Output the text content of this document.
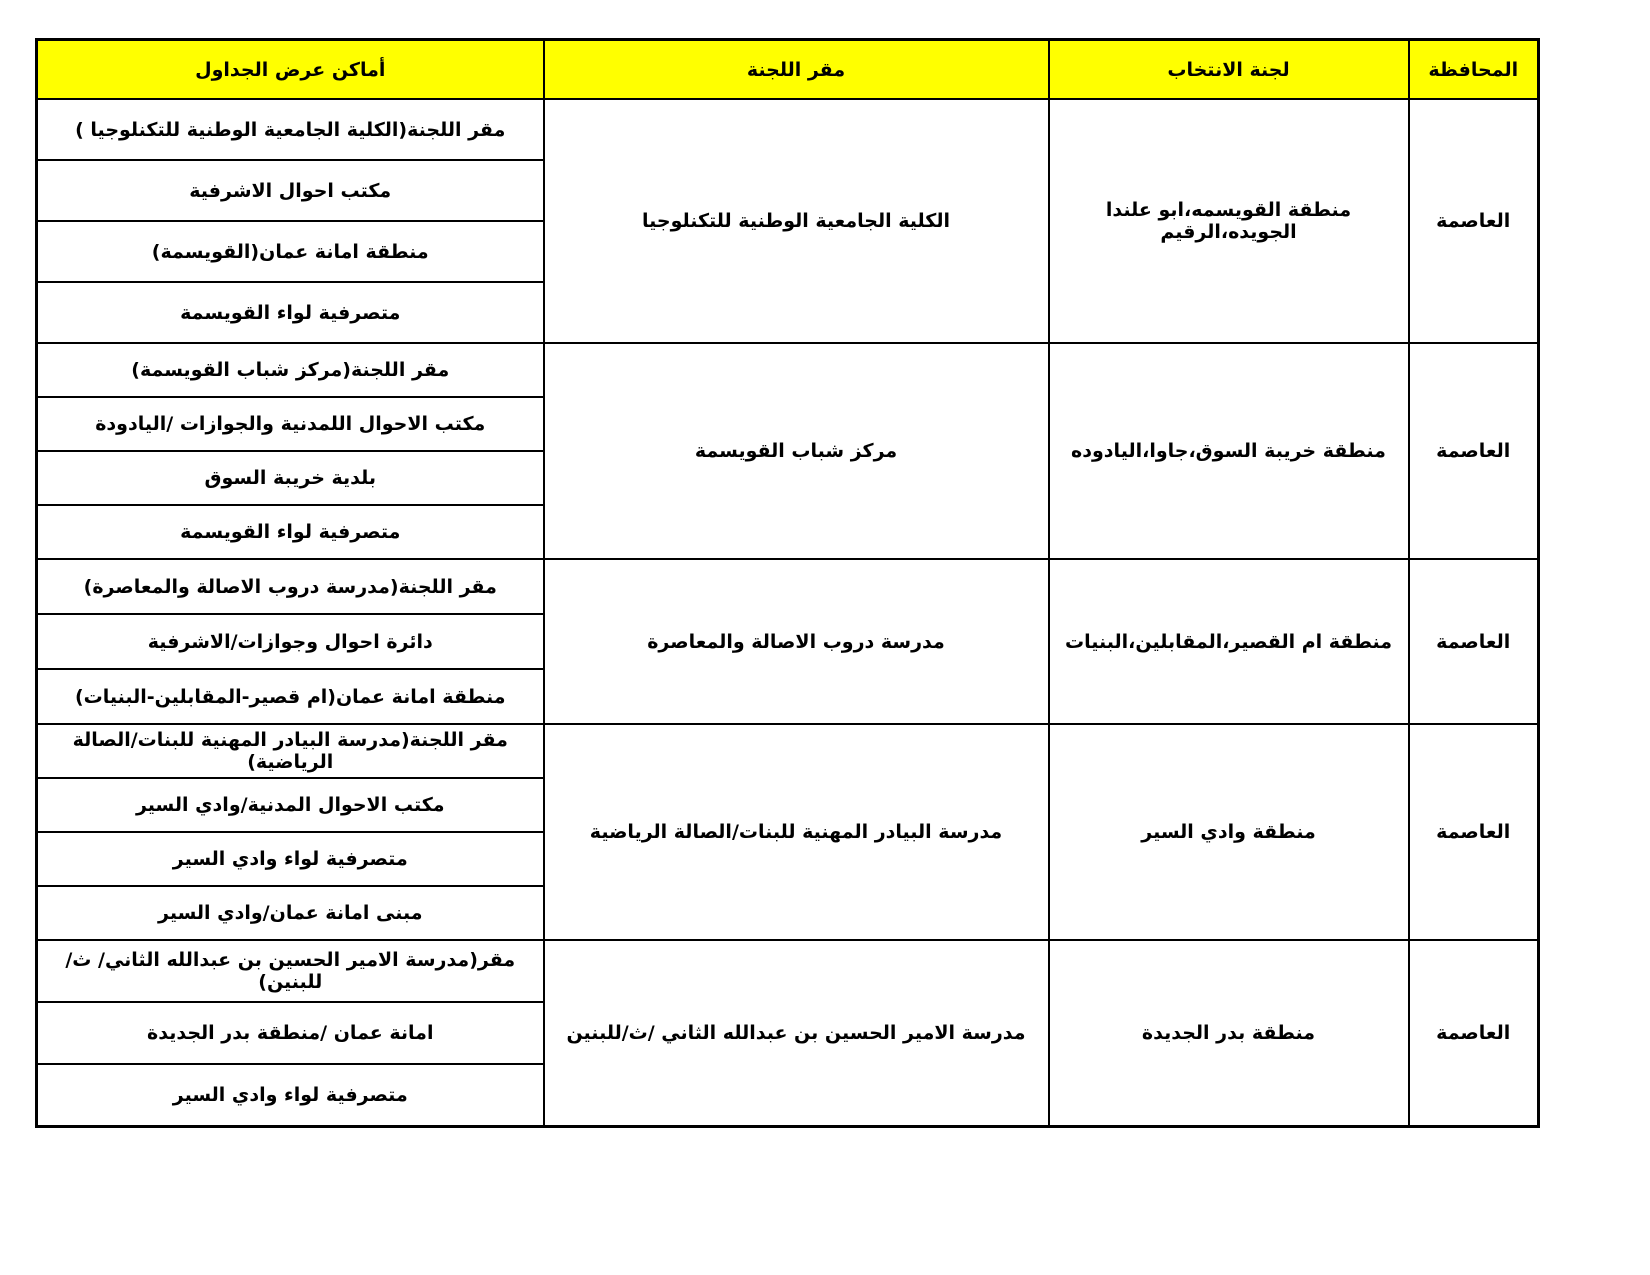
المحافظة	لجنة الانتخاب	مقر اللجنة	أماكن عرض الجداول
العاصمة	منطقة القويسمه،ابو علندا الجويده،الرقيم	الكلية الجامعية الوطنية للتكنلوجيا	مقر اللجنة(الكلية الجامعية الوطنية للتكنلوجيا )
			مكتب احوال الاشرفية
			منطقة امانة عمان(القويسمة)
			متصرفية لواء القويسمة
العاصمة	منطقة خريبة السوق،جاوا،اليادوده	مركز شباب القويسمة	مقر اللجنة(مركز شباب القويسمة)
			مكتب الاحوال اللمدنية والجوازات /اليادودة
			بلدية خريبة السوق
			متصرفية لواء القويسمة
العاصمة	منطقة ام القصير،المقابلين،البنيات	مدرسة دروب الاصالة والمعاصرة	مقر اللجنة(مدرسة دروب الاصالة والمعاصرة)
			دائرة احوال وجوازات/الاشرفية
			منطقة امانة عمان(ام قصير-المقابلين-البنيات)
العاصمة	منطقة وادي السير	مدرسة البيادر المهنية للبنات/الصالة الرياضية	مقر اللجنة(مدرسة البيادر المهنية للبنات/الصالة الرياضية)
			مكتب الاحوال المدنية/وادي السير
			متصرفية لواء وادي السير
			مبنى امانة عمان/وادي السير
العاصمة	منطقة بدر الجديدة	مدرسة الامير الحسين بن عبدالله الثاني /ث/للبنين	مقر(مدرسة الامير الحسين بن عبدالله الثاني/ ث/للبنين)
			امانة عمان /منطقة بدر الجديدة
			متصرفية لواء وادي السير
